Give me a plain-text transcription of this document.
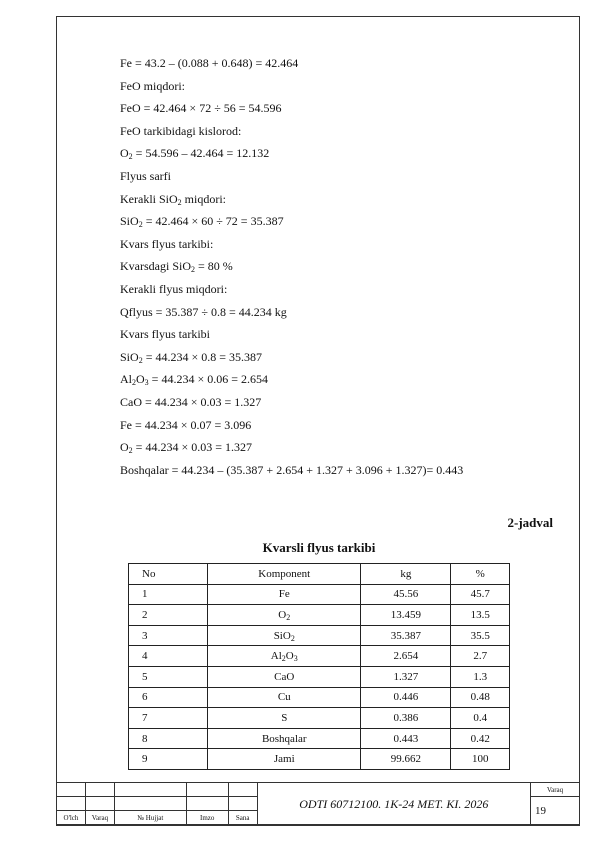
Fe = 43.2 – (0.088 + 0.648) = 42.464
FeO miqdori:
FeO = 42.464 × 72 ÷ 56 = 54.596
FeO tarkibidagi kislorod:
$O_2 = 54.596 - 42.464 = 12.132$
Flyus sarfi
Kerakli SiO$_2$ miqdori:
SiO$_2$ = 42.464 × 60 ÷ 72 = 35.387
Kvars flyus tarkibi:
Kvarsdagi SiO$_2$ = 80 %
Kerakli flyus miqdori:
Qflyus = 35.387 ÷ 0.8 = 44.234 kg
Kvars flyus tarkibi
SiO$_2$ = 44.234 × 0.8 = 35.387
$Al_2O_3 = 44.234 \times 0.06 = 2.654$
CaO = 44.234 × 0.03 = 1.327
Fe = 44.234 × 0.07 = 3.096
$O_2 = 44.234 \times 0.03 = 1.327$
Boshqalar = 44.234 – (35.387 + 2.654 + 1.327 + 3.096 + 1.327)= 0.443
2-jadval
Kvarsli flyus tarkibi
No	Komponent	kg	%
1	Fe	45.56	45.7
2	$O_2$	13.459	13.5
3	SiO$_2$	35.387	35.5
4	$Al_2O_3$	2.654	2.7
5	CaO	1.327	1.3
6	Cu	0.446	0.48
7	S	0.386	0.4
8	Boshqalar	0.443	0.42
9	Jami	99.662	100
					ODTI 60712100. 1K-24 MET. KI. 2026	Varaq
						19
O'lch	Varaq	№ Hujjat	Imzo	Sana		
